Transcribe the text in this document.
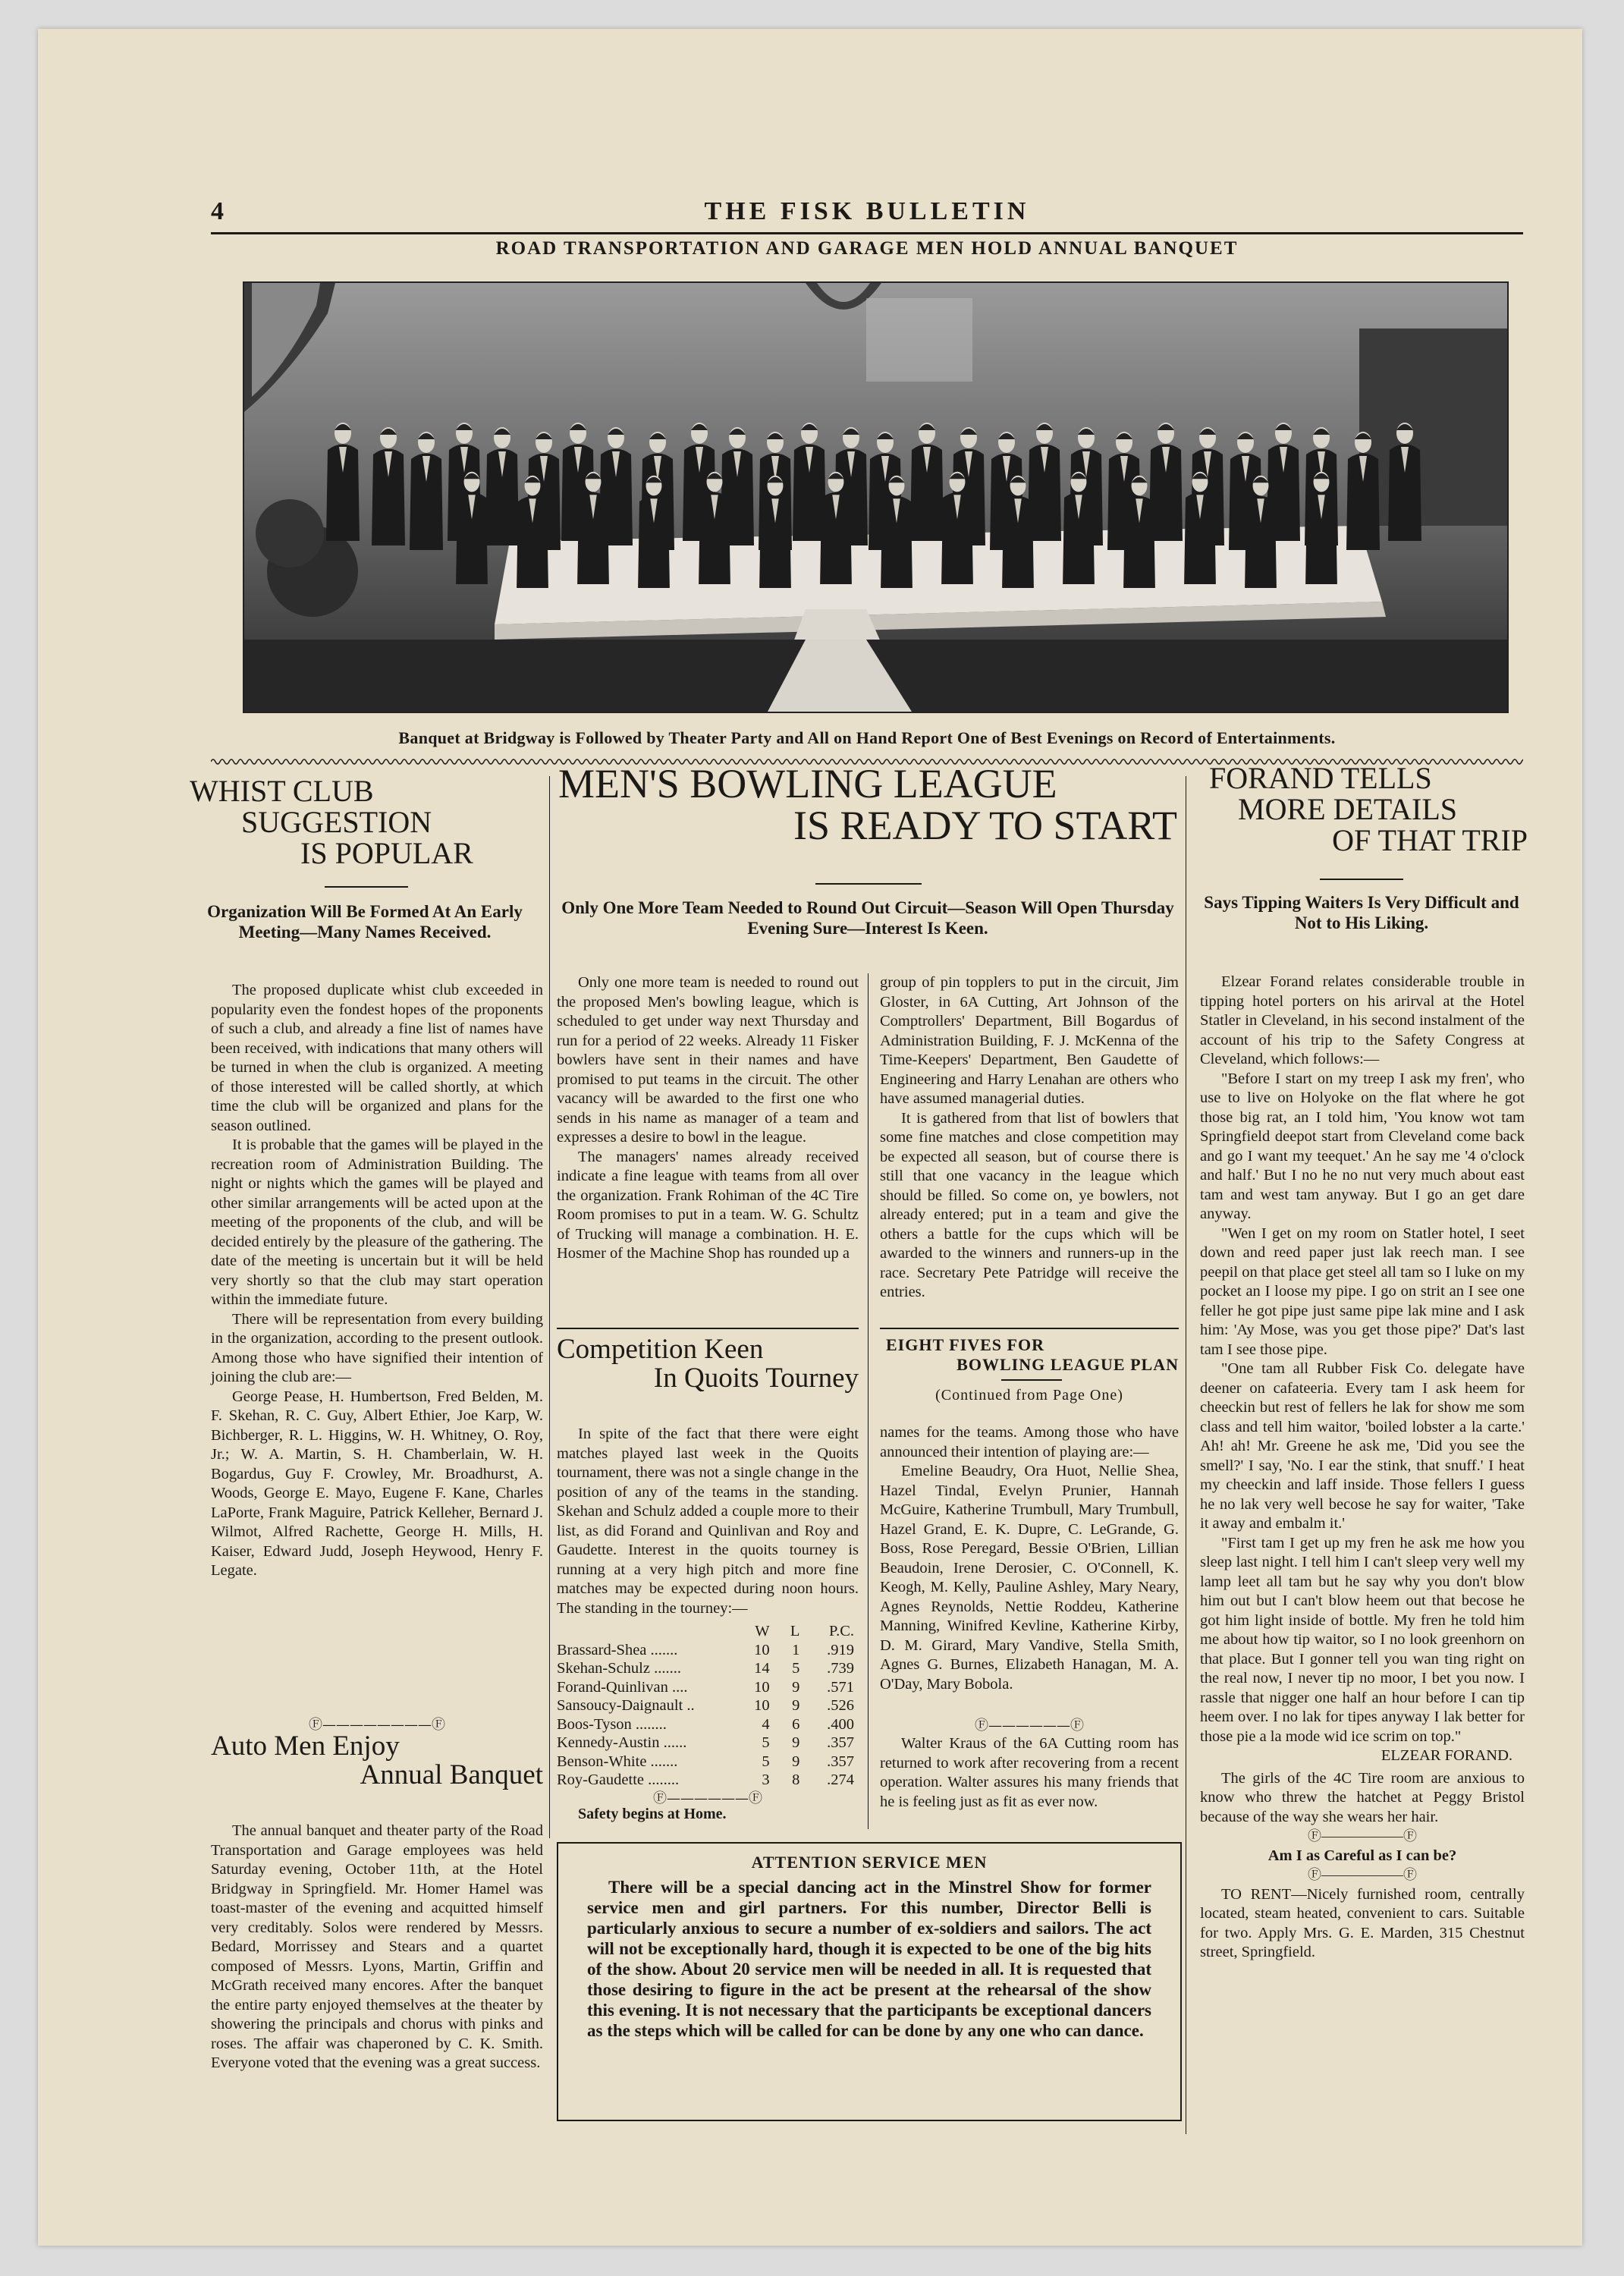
4	THE FISK BULLETIN
ROAD TRANSPORTATION AND GARAGE MEN HOLD ANNUAL BANQUET
Banquet at Bridgway is Followed by Theater Party and All on Hand Report One of Best Evenings on Record of Entertainments.
WHIST CLUB
SUGGESTION
IS POPULAR
Organization Will Be Formed At An Early Meeting—Many Names Received.

The proposed duplicate whist club exceeded in popularity even the fondest hopes of the proponents of such a club, and already a fine list of names have been received, with indications that many others will be turned in when the club is organized. A meeting of those interested will be called shortly, at which time the club will be organized and plans for the season outlined.

It is probable that the games will be played in the recreation room of Administration Building. The night or nights which the games will be played and other similar arrangements will be acted upon at the meeting of the proponents of the club, and will be decided entirely by the pleasure of the gathering. The date of the meeting is uncertain but it will be held very shortly so that the club may start operation within the immediate future.

There will be representation from every building in the organization, according to the present outlook. Among those who have signified their intention of joining the club are:—

George Pease, H. Humbertson, Fred Belden, M. F. Skehan, R. C. Guy, Albert Ethier, Joe Karp, W. Bichberger, R. L. Higgins, W. H. Whitney, O. Roy, Jr.; W. A. Martin, S. H. Chamberlain, W. H. Bogardus, Guy F. Crowley, Mr. Broadhurst, A. Woods, George E. Mayo, Eugene F. Kane, Charles LaPorte, Frank Maguire, Patrick Kelleher, Bernard J. Wilmot, Alfred Rachette, George H. Mills, H. Kaiser, Edward Judd, Joseph Heywood, Henry F. Legate.

Ⓕ————————Ⓕ
Auto Men Enjoy
Annual Banquet

The annual banquet and theater party of the Road Transportation and Garage employees was held Saturday evening, October 11th, at the Hotel Bridgway in Springfield. Mr. Homer Hamel was toast-master of the evening and acquitted himself very creditably. Solos were rendered by Messrs. Bedard, Morrissey and Stears and a quartet composed of Messrs. Lyons, Martin, Griffin and McGrath received many encores. After the banquet the entire party enjoyed themselves at the theater by showering the principals and chorus with pinks and roses. The affair was chaperoned by C. K. Smith. Everyone voted that the evening was a great success.

MEN'S BOWLING LEAGUE
IS READY TO START
Only One More Team Needed to Round Out Circuit—Season Will Open Thursday Evening Sure—Interest Is Keen.

Only one more team is needed to round out the proposed Men's bowling league, which is scheduled to get under way next Thursday and run for a period of 22 weeks. Already 11 Fisker bowlers have sent in their names and have promised to put teams in the circuit. The other vacancy will be awarded to the first one who sends in his name as manager of a team and expresses a desire to bowl in the league.

The managers' names already received indicate a fine league with teams from all over the organization. Frank Rohiman of the 4C Tire Room promises to put in a team. W. G. Schultz of Trucking will manage a combination. H. E. Hosmer of the Machine Shop has rounded up a

group of pin topplers to put in the circuit, Jim Gloster, in 6A Cutting, Art Johnson of the Comptrollers' Department, Bill Bogardus of Administration Building, F. J. McKenna of the Time-Keepers' Department, Ben Gaudette of Engineering and Harry Lenahan are others who have assumed managerial duties.

It is gathered from that list of bowlers that some fine matches and close competition may be expected all season, but of course there is still that one vacancy in the league which should be filled. So come on, ye bowlers, not already entered; put in a team and give the others a battle for the cups which will be awarded to the winners and runners-up in the race. Secretary Pete Patridge will receive the entries.

Competition Keen
In Quoits Tourney

In spite of the fact that there were eight matches played last week in the Quoits tournament, there was not a single change in the position of any of the teams in the standing. Skehan and Schulz added a couple more to their list, as did Forand and Quinlivan and Roy and Gaudette. Interest in the quoits tourney is running at a very high pitch and more fine matches may be expected during noon hours. The standing in the tourney:—

	W	L	P.C.
Brassard-Shea .......	10	1	.919
Skehan-Schulz .......	14	5	.739
Forand-Quinlivan ....	10	9	.571
Sansoucy-Daignault ..	10	9	.526
Boos-Tyson ........	4	6	.400
Kennedy-Austin ......	5	9	.357
Benson-White .......	5	9	.357
Roy-Gaudette ........	3	8	.274
Ⓕ——————Ⓕ
Safety begins at Home.
EIGHT FIVES FOR
BOWLING LEAGUE PLAN
(Continued from Page One)

names for the teams. Among those who have announced their intention of playing are:—

Emeline Beaudry, Ora Huot, Nellie Shea, Hazel Tindal, Evelyn Prunier, Hannah McGuire, Katherine Trumbull, Mary Trumbull, Hazel Grand, E. K. Dupre, C. LeGrande, G. Boss, Rose Peregard, Bessie O'Brien, Lillian Beaudoin, Irene Derosier, C. O'Connell, K. Keogh, M. Kelly, Pauline Ashley, Mary Neary, Agnes Reynolds, Nettie Roddeu, Katherine Manning, Winifred Kevline, Katherine Kirby, D. M. Girard, Mary Vandive, Stella Smith, Agnes G. Burnes, Elizabeth Hanagan, M. A. O'Day, Mary Bobola.

Ⓕ——————Ⓕ

Walter Kraus of the 6A Cutting room has returned to work after recovering from a recent operation. Walter assures his many friends that he is feeling just as fit as ever now.

ATTENTION SERVICE MEN

There will be a special dancing act in the Minstrel Show for former service men and girl partners. For this number, Director Belli is particularly anxious to secure a number of ex-soldiers and sailors. The act will not be exceptionally hard, though it is expected to be one of the big hits of the show. About 20 service men will be needed in all. It is requested that those desiring to figure in the act be present at the rehearsal of the show this evening. It is not necessary that the participants be exceptional dancers as the steps which will be called for can be done by any one who can dance.

FORAND TELLS
MORE DETAILS
OF THAT TRIP
Says Tipping Waiters Is Very Difficult and Not to His Liking.

Elzear Forand relates considerable trouble in tipping hotel porters on his arirval at the Hotel Statler in Cleveland, in his second instalment of the account of his trip to the Safety Congress at Cleveland, which follows:—

"Before I start on my treep I ask my fren', who use to live on Holyoke on the flat where he got those big rat, an I told him, 'You know wot tam Springfield deepot start from Cleveland come back and go I want my teequet.' An he say me '4 o'clock and half.' But I no he no nut very much about east tam and west tam anyway. But I go an get dare anyway.

"Wen I get on my room on Statler hotel, I seet down and reed paper just lak reech man. I see peepil on that place get steel all tam so I luke on my pocket an I loose my pipe. I go on strit an I see one feller he got pipe just same pipe lak mine and I ask him: 'Ay Mose, was you get those pipe?' Dat's last tam I see those pipe.

"One tam all Rubber Fisk Co. delegate have deener on cafateeria. Every tam I ask heem for cheeckin but rest of fellers he lak for show me som class and tell him waitor, 'boiled lobster a la carte.' Ah! ah! Mr. Greene he ask me, 'Did you see the smell?' I say, 'No. I ear the stink, that snuff.' I heat my cheeckin and laff inside. Those fellers I guess he no lak very well becose he say for waiter, 'Take it away and embalm it.'

"First tam I get up my fren he ask me how you sleep last night. I tell him I can't sleep very well my lamp leet all tam but he say why you don't blow him out but I can't blow heem out that becose he got him light inside of bottle. My fren he told him me about how tip waitor, so I no look greenhorn on that place. But I gonner tell you wan ting right on the real now, I never tip no moor, I bet you now. I rassle that nigger one half an hour before I can tip heem over. I no lak for tipes anyway I lak better for those pie a la mode wid ice scrim on top."

ELZEAR FORAND.

The girls of the 4C Tire room are anxious to know who threw the hatchet at Peggy Bristol because of the way she wears her hair.

Ⓕ——————Ⓕ
Am I as Careful as I can be?
Ⓕ——————Ⓕ

TO RENT—Nicely furnished room, centrally located, steam heated, convenient to cars. Suitable for two. Apply Mrs. G. E. Marden, 315 Chestnut street, Springfield.
